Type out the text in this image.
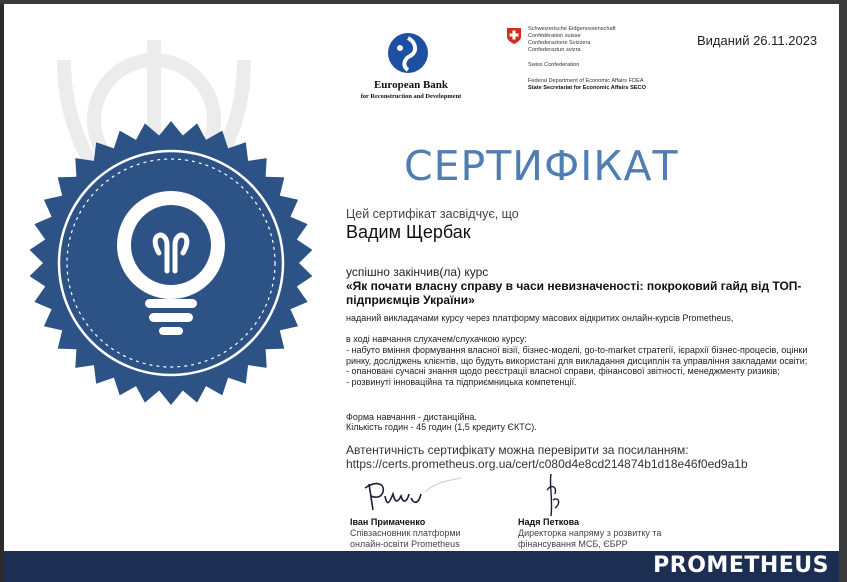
European Bank
for Reconstruction and Development
Schweizerische Eidgenossenschaft
Confédération suisse
Confederazione Svizzera
Confederaziun svizra
Swiss Confederation
Federal Department of Economic Affairs FDEA
State Secretariat for Economic Affairs SECO
Виданий 26.11.2023
СЕРТИФІКАТ
Цей сертифікат засвідчує, що
Вадим Щербак
успішно закінчив(ла) курс
«Як почати власну справу в часи невизначеності: покроковий гайд від ТОП-підприємців України»
наданий викладачами курсу через платформу масових відкритих онлайн-курсів Prometheus,
в ходi навчання слухачем/слухачкою курсу:
- набуто вміння формування власної візії, бізнес-моделі, go-to-market стратегії, ієрархії бізнес-процесів, оцінки ринку, досліджень клієнтів, що будуть використані для викладання дисциплін та управління закладами освіти;
- опановані сучасні знання щодо реєстрації власної справи, фінансової звітності, менеджменту ризиків;
- розвинуті інноваційна та підприємницька компетенції.
Форма навчання - дистанційна.
Кількість годин - 45 годин (1,5 кредиту ЄКТС).
Автентичність сертифікату можна перевірити за посиланням:
https://certs.prometheus.org.ua/cert/c080d4e8cd214874b1d18e46f0ed9a1b
Іван Примаченко
Співзасновник платформи онлайн-освіти Prometheus
Надя Петкова
Директорка напряму з розвитку та фінансування МСБ, ЄБРР
PROMETHEUS
